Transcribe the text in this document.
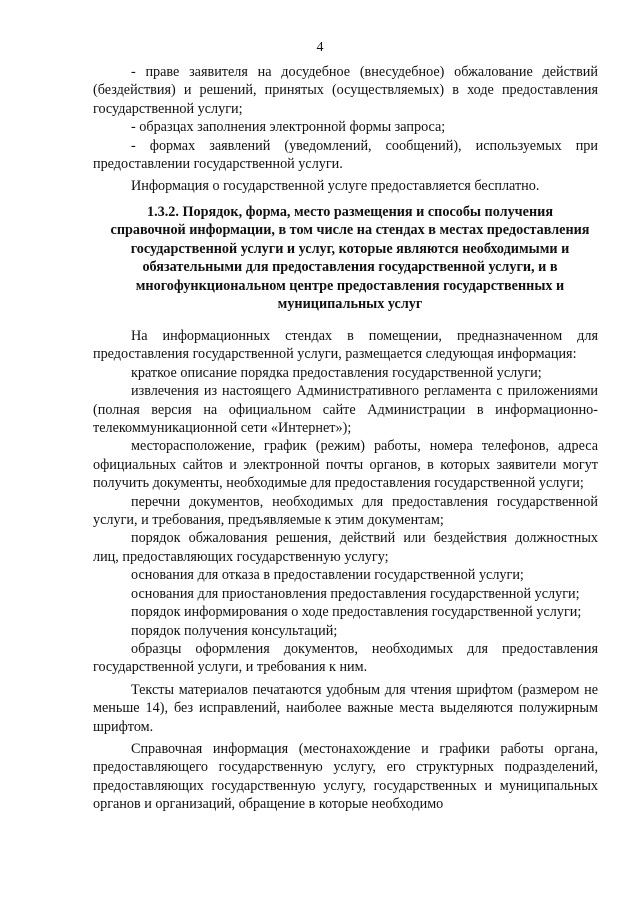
4

- праве заявителя на досудебное (внесудебное) обжалование действий (бездействия) и решений, принятых (осуществляемых) в ходе предоставления государственной услуги;

- образцах заполнения электронной формы запроса;

- формах заявлений (уведомлений, сообщений), используемых при предоставлении государственной услуги.

Информация о государственной услуге предоставляется бесплатно.

1.3.2. Порядок, форма, место размещения и способы получения справочной информации, в том числе на стендах в местах предоставления государственной услуги и услуг, которые являются необходимыми и обязательными для предоставления государственной услуги, и в многофункциональном центре предоставления государственных и муниципальных услуг

На информационных стендах в помещении, предназначенном для предоставления государственной услуги, размещается следующая информация:

краткое описание порядка предоставления государственной услуги;

извлечения из настоящего Административного регламента с приложениями (полная версия на официальном сайте Администрации в информационно-телекоммуникационной сети «Интернет»);

месторасположение, график (режим) работы, номера телефонов, адреса официальных сайтов и электронной почты органов, в которых заявители могут получить документы, необходимые для предоставления государственной услуги;

перечни документов, необходимых для предоставления государственной услуги, и требования, предъявляемые к этим документам;

порядок обжалования решения, действий или бездействия должностных лиц, предоставляющих государственную услугу;

основания для отказа в предоставлении государственной услуги;

основания для приостановления предоставления государственной услуги;

порядок информирования о ходе предоставления государственной услуги;

порядок получения консультаций;

образцы оформления документов, необходимых для предоставления государственной услуги, и требования к ним.

Тексты материалов печатаются удобным для чтения шрифтом (размером не меньше 14), без исправлений, наиболее важные места выделяются полужирным шрифтом.

Справочная информация (местонахождение и графики работы органа, предоставляющего государственную услугу, его структурных подразделений, предоставляющих государственную услугу, государственных и муниципальных органов и организаций, обращение в которые необходимо
